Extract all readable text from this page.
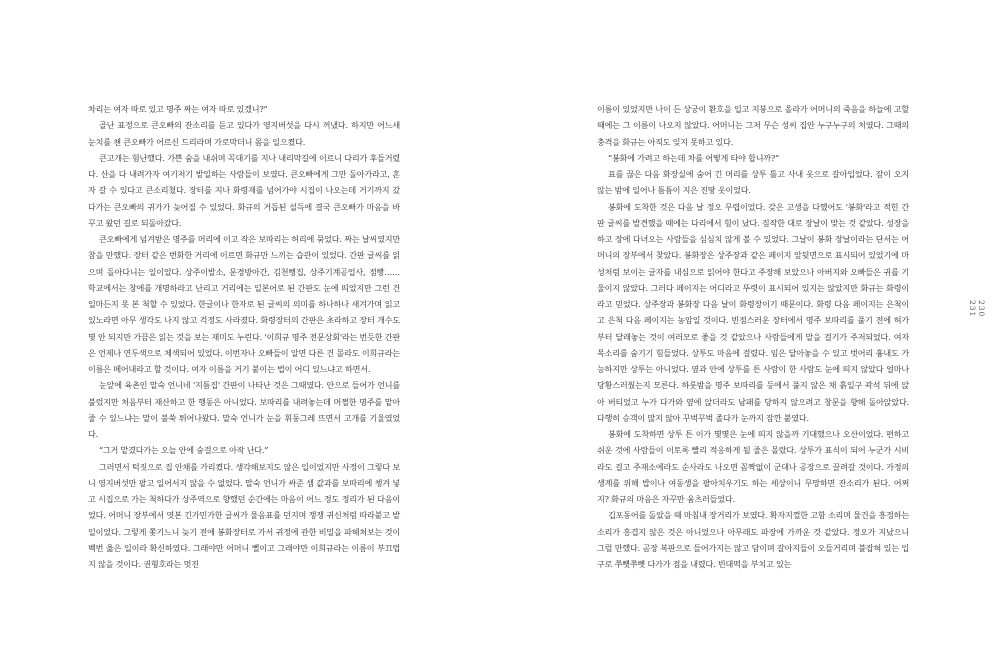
차리는 여자 따로 있고 명주 짜는 여자 따로 있겠니?”

골난 표정으로 큰오빠의 잔소리를 듣고 있다가 영지버섯을 다시 꺼냈다. 하지만 어느새 눈치를 챈 큰오빠가 어르신 드리라며 가로막더니 몸을 일으켰다.

큰고개는 험난했다. 가쁜 숨을 내쉬며 꼭대기를 지나 내리막길에 이르니 다리가 후들거렸다. 산을 다 내려가자 여기저기 밭일하는 사람들이 보였다. 큰오빠에게 그만 돌아가라고, 혼자 갈 수 있다고 큰소리쳤다. 장터를 지나 화령재를 넘어가야 시집이 나오는데 거기까지 갔다가는 큰오빠의 귀가가 늦어질 수 있었다. 화규의 거듭된 설득에 결국 큰오빠가 마음을 바꾸고 왔던 길로 되돌아갔다.

큰오빠에게 넘겨받은 명주를 머리에 이고 작은 보따리는 허리에 묶었다. 짜는 날씨였지만 참을 만했다. 장터 같은 번화한 거리에 이르면 화규만 느끼는 습관이 있었다. 간판 글씨를 읽으며 돌아다니는 일이었다. 상주이발소, 문경방아간, 김천뻥집, 상주기계공업사, 점빵…… 학교에서는 창에를 개명하라고 난리고 거리에는 일본어로 된 간판도 눈에 띄었지만 그런 건 일마든지 못 본 척할 수 있었다. 한글이나 한자로 된 글씨의 의미를 하나하나 새겨가며 읽고 있노라면 아무 생각도 나지 않고 걱정도 사라졌다. 화령장터의 간판은 초라하고 장터 개수도 몇 안 되지만 가끔은 읽는 것을 보는 재미도 누린다. '이희규 명주 전문상회'라는 번듯한 간판은 언제나 연두색으로 체색되어 있었다. 이번자나 오빠들이 알면 다른 건 몰라도 이희규라는 이름은 떼어내라고 할 것이다. 여자 이름을 거기 붙이는 법이 어디 있느냐고 하면서.

눈앞에 육촌인 말숙 언니네 '지틈집' 간판이 나타난 것은 그때였다. 안으로 들어가 언니를 불렀지만 처음부터 재산하고 한 행동은 아니었다. 보따리를 내려놓는데 머쩔한 명주를 맡아줄 수 있느냐는 말이 불쑥 튀어나왔다. 말숙 언니가 눈을 휘둥그레 뜨면서 고개를 기울였었다.

“그거 맡겼다가는 오늘 안에 숭걸으로 아작 난다.”

그러면서 턱짓으로 집 안채를 가리켰다. 생각해보지도 않은 일이었지만 사정이 그렇다 보니 영지버섯만 팔고 일어서지 않을 수 없었다. 말숙 언니가 싸준 셈 값과를 보따리에 챙겨 넣고 시집으로 가는 척하다가 상주역으로 향했던 순간에는 마음이 어느 정도 정리가 된 다음이었다. 어머니 장부에서 엿본 긴가민가한 글씨가 물음표를 던지며 쟁쟁 귀신처럼 따라붙고 밭 일이었다. 그렇게 쫓기느니 늦기 전에 봉화장터로 가서 귀정에 관한 비밀을 파헤쳐보는 것이 백번 옳은 일이라 확신하였다. 그래야만 어머니 뻘이고 그래야만 이희규라는 이름이 부끄럽지 않을 것이다. 권형호라는 멋진

이름이 있었지만 나이 든 상궁이 환호을 입고 지붕으로 올라가 어머니의 죽음을 하늘에 고할 때에는 그 이름이 나오지 않았다. 어머니는 그저 무슨 성씨 집안 누구누구의 처였다. 그때의 충격을 화규는 아직도 잊지 못하고 있다.

“봉화에 가려고 하는데 차를 어떻게 타야 합니까?”

표를 끊은 다음 화장실에 숨어 긴 머리를 상투 틀고 사내 옷으로 갈아입었다. 잠이 오지 않는 밤에 일어나 틈틈이 지은 진땅 옷이었다.

봉화에 도착한 것은 다음 날 정오 무렵이었다. 갖은 고생을 다했어도 '봉화'라고 적힌 간판 글씨를 발견했을 때에는 다리에서 힘이 났다. 짐작한 대로 장날이 맞는 것 같았다. 성장을 하고 장에 다녀오는 사람들을 심심치 않게 볼 수 있었다. 그날이 봉화 장날이라는 단서는 어머니의 장부에서 찾았다. 봉화장은 상주장과 같은 페이지 앞뒷면으로 표시되어 있었기에 마성처럼 보이는 글자를 내심으로 읽어야 한다고 주장해 보았으나 아버지와 오빠들은 귀를 기울이지 않았다. 그러다 페이지는 어디라고 뚜렷이 표시되어 있지는 않았지만 화규는 화령이라고 믿었다. 상주장과 봉화장 다음 날이 화령장이기 때문이다. 화령 다음 페이지는 은척이고 은척 다음 페이지는 농암일 것이다. 빈점스러운 장터에서 명주 보따리를 풀기 전에 허가부터 달래놓는 것이 여러모로 좋을 것 같았으나 사람들에게 말을 걸기가 주저되었다. 여자 목소리를 숨기기 힘들었다. 상투도 마음에 걸렸다. 임은 달아놓을 수 있고 벗어리 흉내도 가능하지만 상투는 아니었다. 옆과 안에 상투를 튼 사람이 한 사람도 눈에 띄지 않았다 얼마나 당황스러웠는지 모른다. 하룻밤을 명주 보따리를 등에서 풀지 않은 채 흙일구 곽석 뒤에 앉아 버티었고 누가 다가와 옆에 앉더라도 남패를 당하지 않으려고 창문을 향해 돌아앉았다. 다행히 승객이 많지 않아 꾸벅꾸벅 졸다가 눈까지 잠깐 붙였다.

봉화에 도착하면 상투 튼 이가 몇몇은 눈에 띄지 않을까 기대했으나 오산이었다. 편하고 쉬운 것에 사람들이 이토록 빨리 적응하게 될 줄은 몰랐다. 상투가 표식이 되어 누군가 시비라도 걸고 주재소에라도 순사라도 나오면 꼼짝없이 군대나 공장으로 끌려갈 것이다. 가정의 생계를 위해 밥이나 여동생을 팔아치우기도 하는 세상이니 무망하면 잔소리가 된다. 어쩌지? 화규의 마음은 자꾸만 움츠러들었다.

깁포동어를 돌았을 때 마침내 장거리가 보였다. 확자지껄한 고함 소리며 물건을 흥정하는 소리가 흥겹지 않은 것은 아니었으나 아무래도 파장에 가까운 것 같았다. 정오가 지났으니 그럴 만했다. 곰장 복판으로 들어가지는 않고 담이며 갈아지들이 오들거리며 불잡혀 있는 입구로 쭈뼛쭈뼛 다가가 점을 내렸다. 빈대떡을 부치고 있는

230
231
